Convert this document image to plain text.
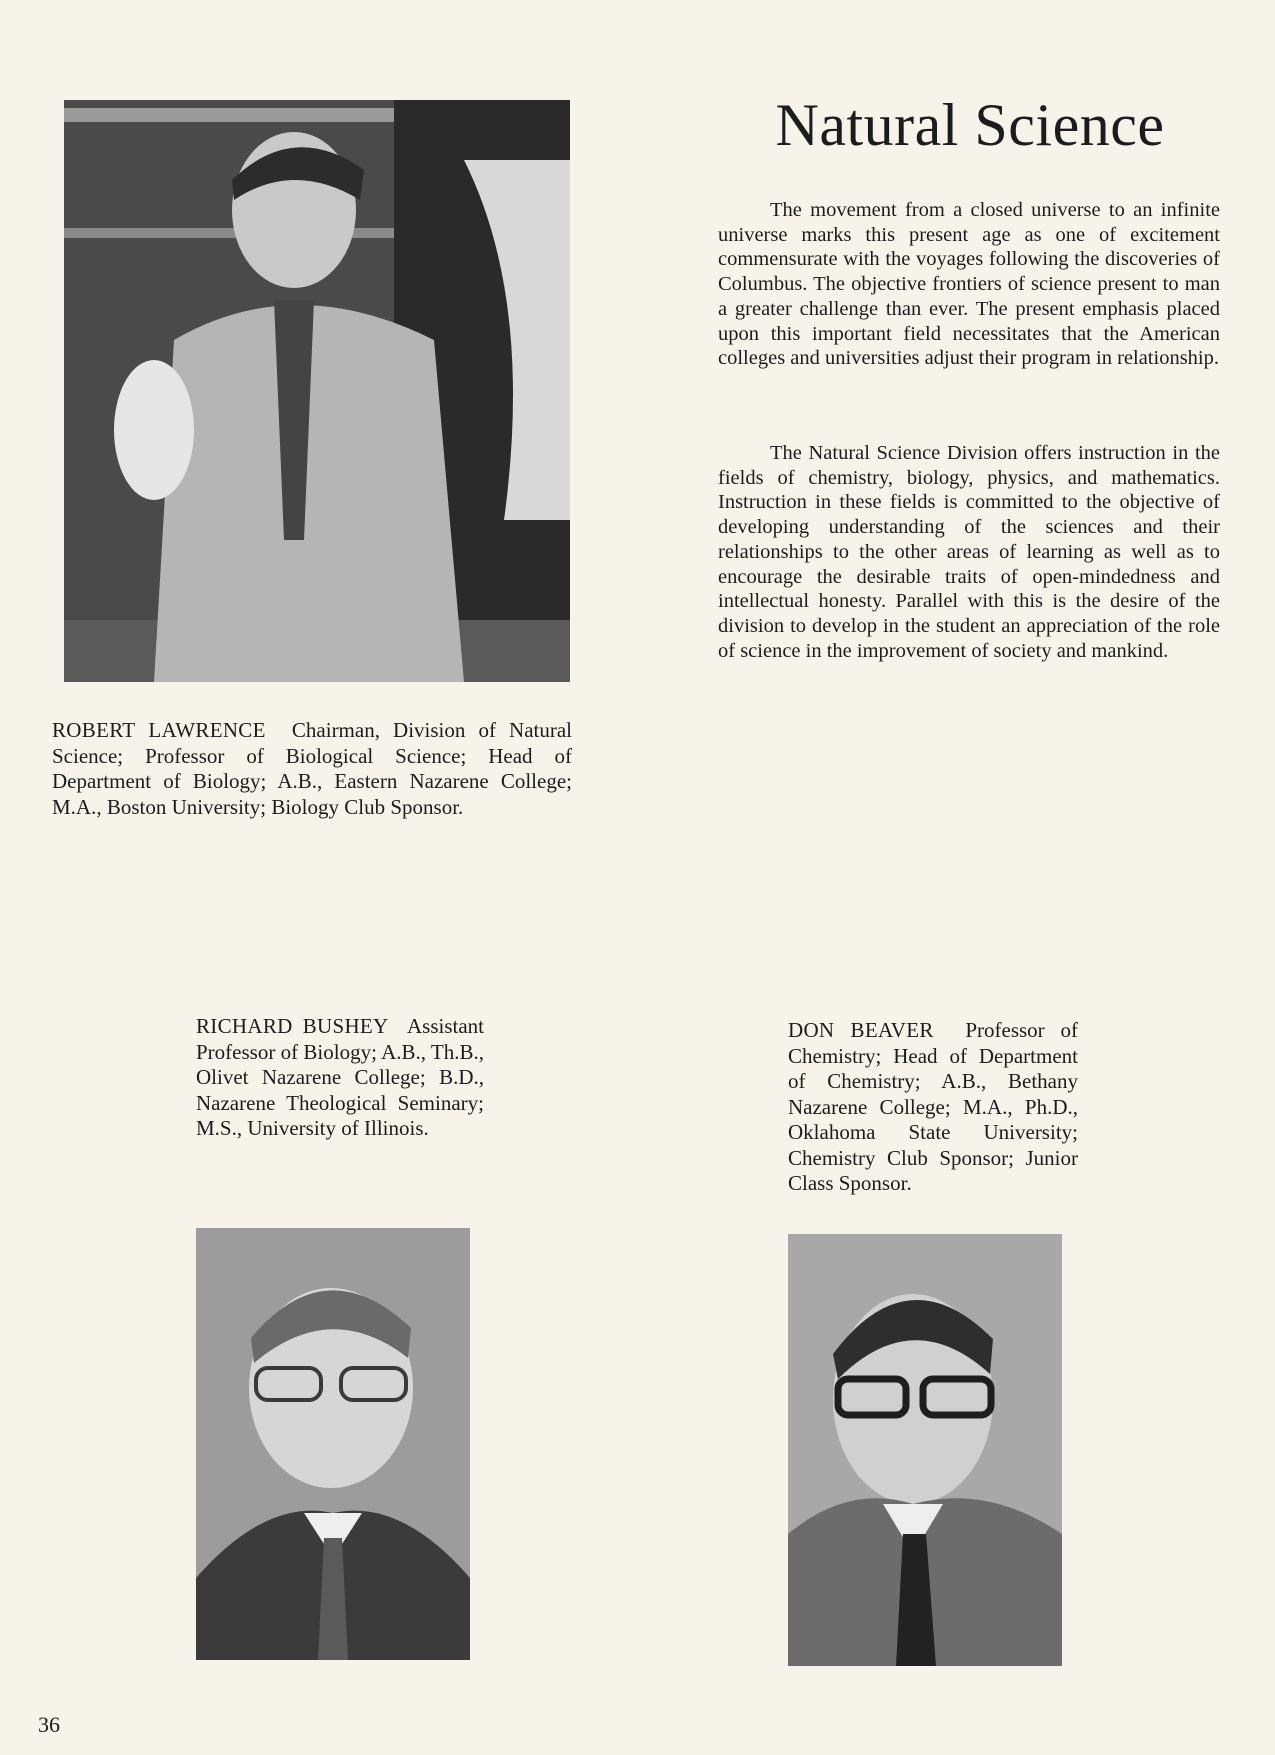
Natural Science

The movement from a closed universe to an infinite universe marks this present age as one of excitement commensurate with the voyages following the discoveries of Columbus. The objective frontiers of science present to man a greater challenge than ever. The present emphasis placed upon this important field necessitates that the American colleges and universities adjust their program in relationship.

The Natural Science Division offers instruction in the fields of chemistry, biology, physics, and mathematics. Instruction in these fields is committed to the objective of developing understanding of the sciences and their relationships to the other areas of learning as well as to encourage the desirable traits of open-mindedness and intellectual honesty. Parallel with this is the desire of the division to develop in the student an appreciation of the role of science in the improvement of society and mankind.

ROBERT LAWRENCE Chairman, Division of Natural Science; Professor of Biological Science; Head of Department of Biology; A.B., Eastern Nazarene College; M.A., Boston University; Biology Club Sponsor.

RICHARD BUSHEY Assistant Professor of Biology; A.B., Th.B., Olivet Nazarene College; B.D., Nazarene Theological Seminary; M.S., University of Illinois.

DON BEAVER Professor of Chemistry; Head of Department of Chemistry; A.B., Bethany Nazarene College; M.A., Ph.D., Oklahoma State University; Chemistry Club Sponsor; Junior Class Sponsor.

36
